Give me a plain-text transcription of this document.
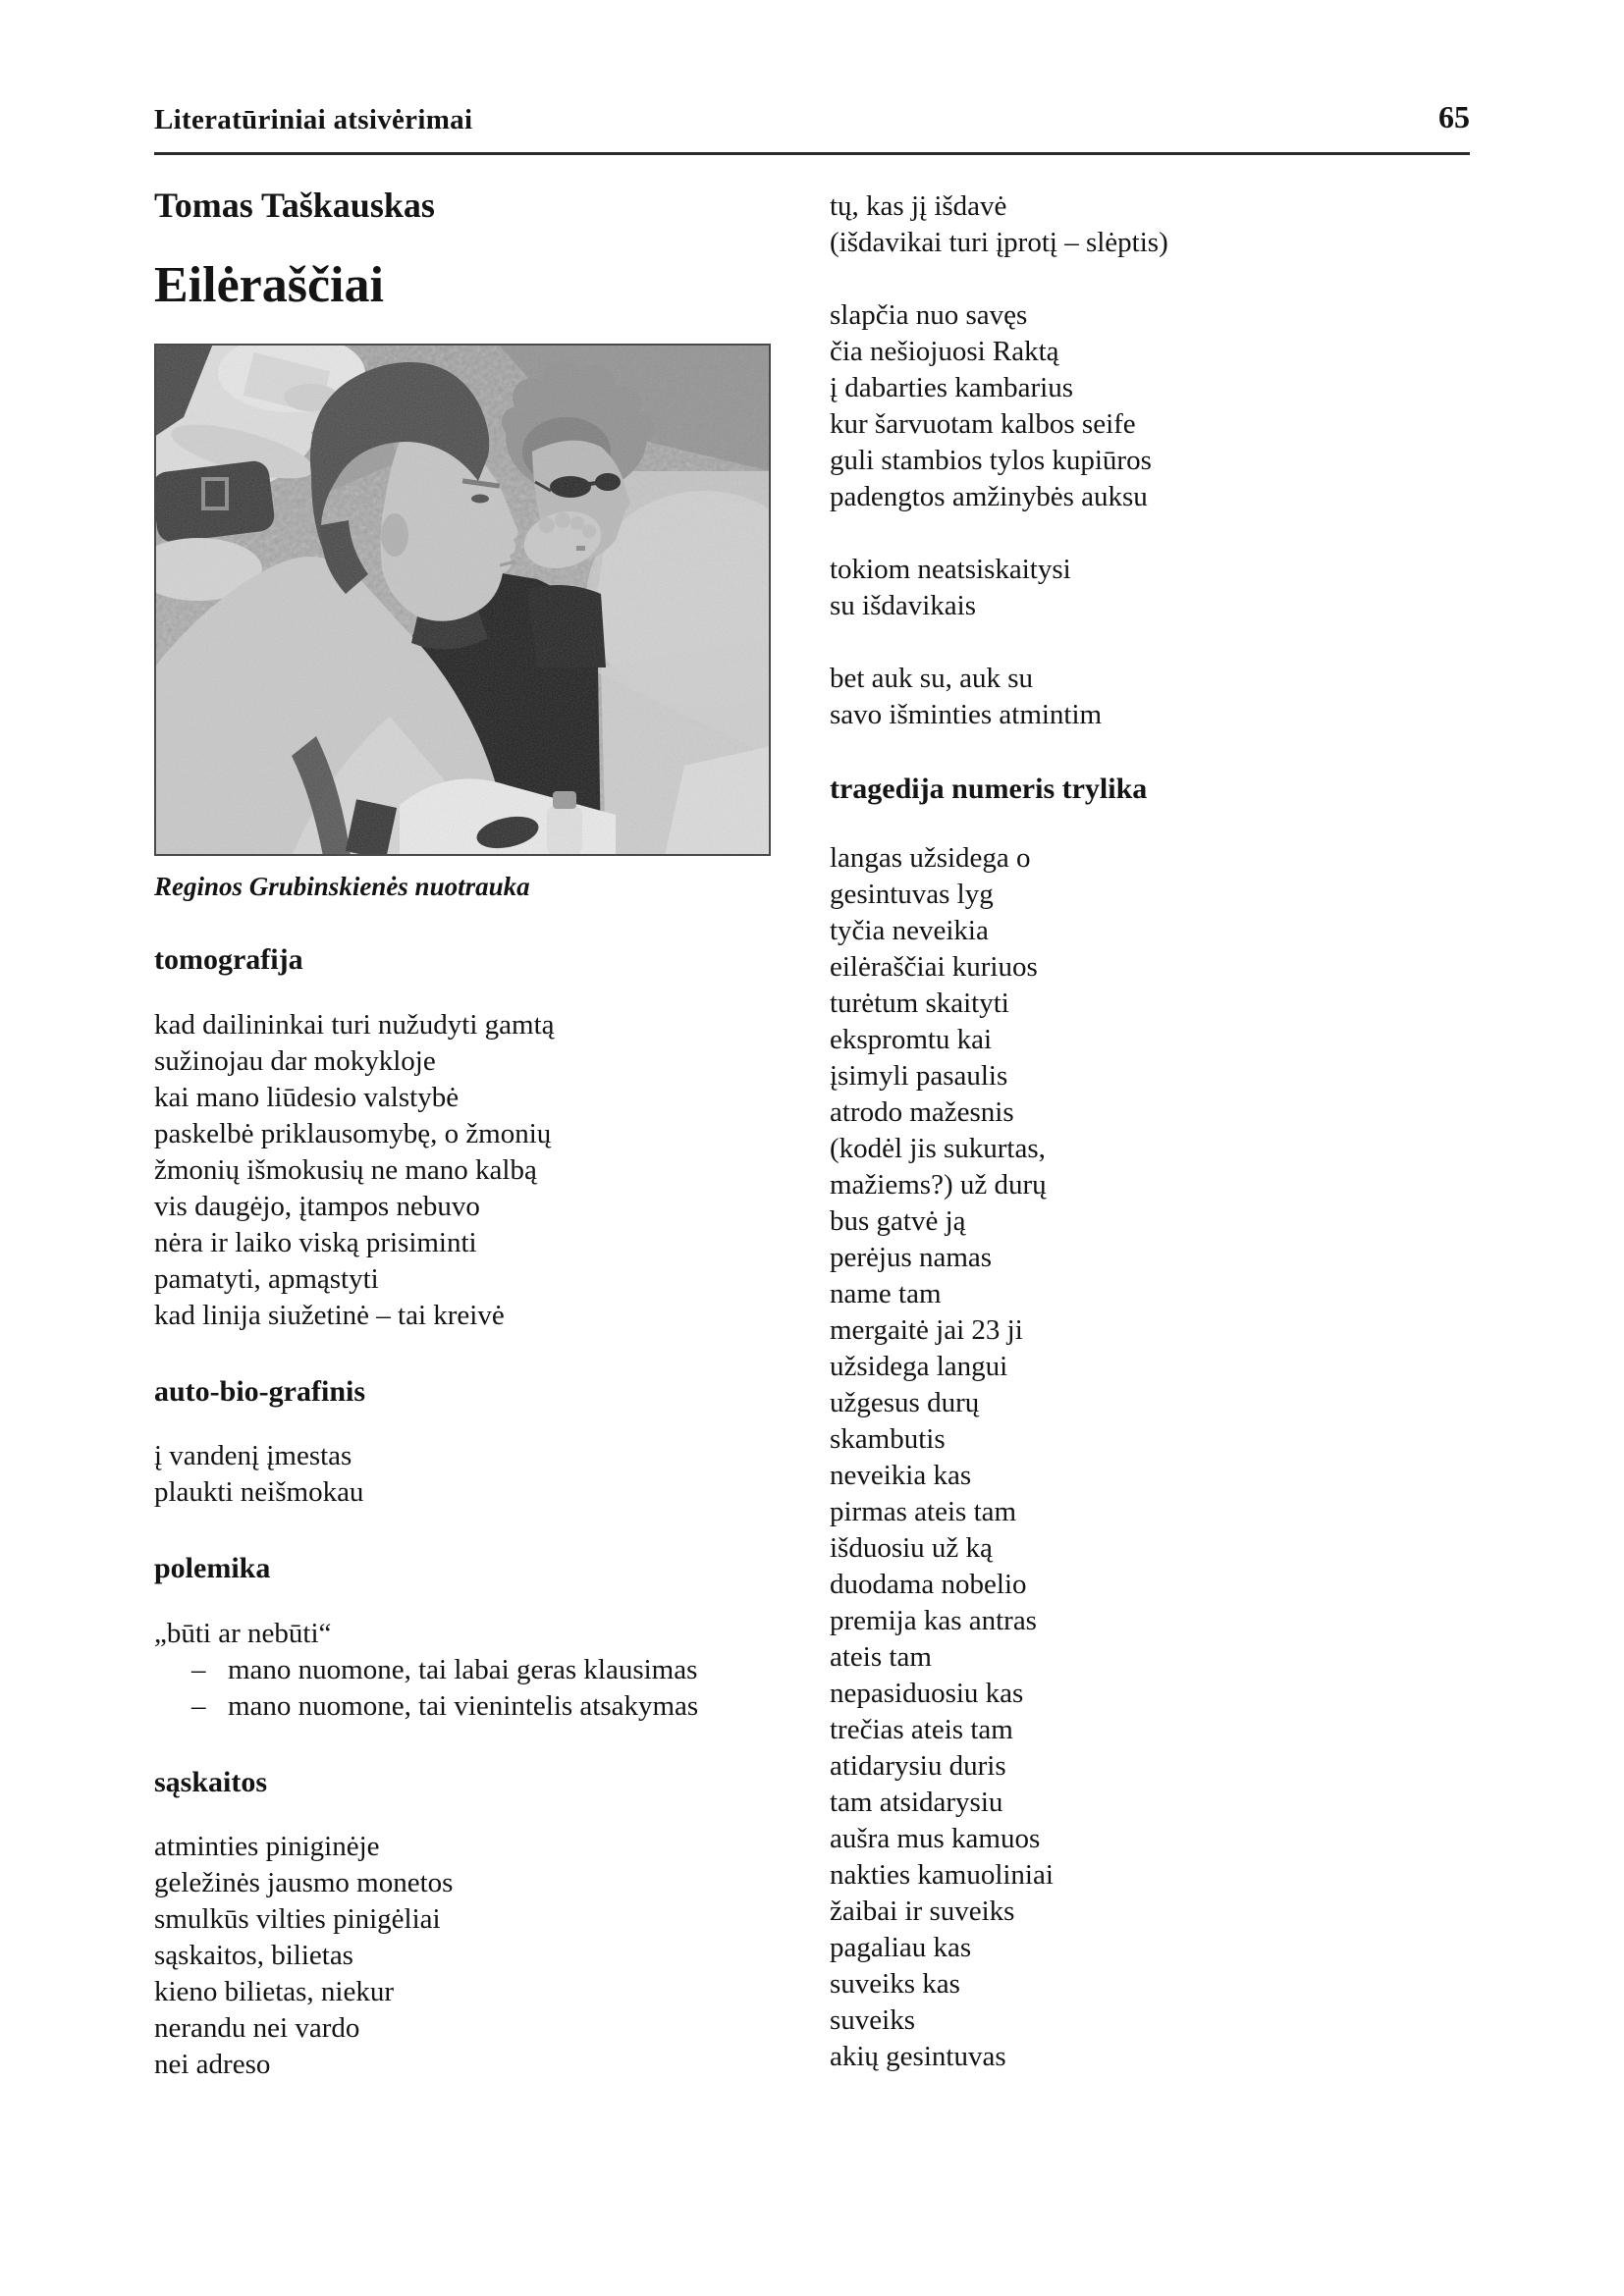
Literatūriniai atsivėrimai	65
Tomas Taškauskas
Eilėraščiai
Reginos Grubinskienės nuotrauka
tomografija
kad dailininkai turi nužudyti gamtą
sužinojau dar mokykloje
kai mano liūdesio valstybė
paskelbė priklausomybę, o žmonių
žmonių išmokusių ne mano kalbą
vis daugėjo, įtampos nebuvo
nėra ir laiko viską prisiminti
pamatyti, apmąstyti
kad linija siužetinė – tai kreivė
auto-bio-grafinis
į vandenį įmestas
plaukti neišmokau
polemika
„būti ar nebūti“
– mano nuomone, tai labai geras klausimas
– mano nuomone, tai vienintelis atsakymas
sąskaitos
atminties piniginėje
geležinės jausmo monetos
smulkūs vilties pinigėliai
sąskaitos, bilietas
kieno bilietas, niekur
nerandu nei vardo
nei adreso
tų, kas jį išdavė
(išdavikai turi įprotį – slėptis)
slapčia nuo savęs
čia nešiojuosi Raktą
į dabarties kambarius
kur šarvuotam kalbos seife
guli stambios tylos kupiūros
padengtos amžinybės auksu
tokiom neatsiskaitysi
su išdavikais
bet auk su, auk su
savo išminties atmintim
tragedija numeris trylika
langas užsidega o
gesintuvas lyg
tyčia neveikia
eilėraščiai kuriuos
turėtum skaityti
ekspromtu kai
įsimyli pasaulis
atrodo mažesnis
(kodėl jis sukurtas,
mažiems?) už durų
bus gatvė ją
perėjus namas
name tam
mergaitė jai 23 ji
užsidega langui
užgesus durų
skambutis
neveikia kas
pirmas ateis tam
išduosiu už ką
duodama nobelio
premija kas antras
ateis tam
nepasiduosiu kas
trečias ateis tam
atidarysiu duris
tam atsidarysiu
aušra mus kamuos
nakties kamuoliniai
žaibai ir suveiks
pagaliau kas
suveiks kas
suveiks
akių gesintuvas
